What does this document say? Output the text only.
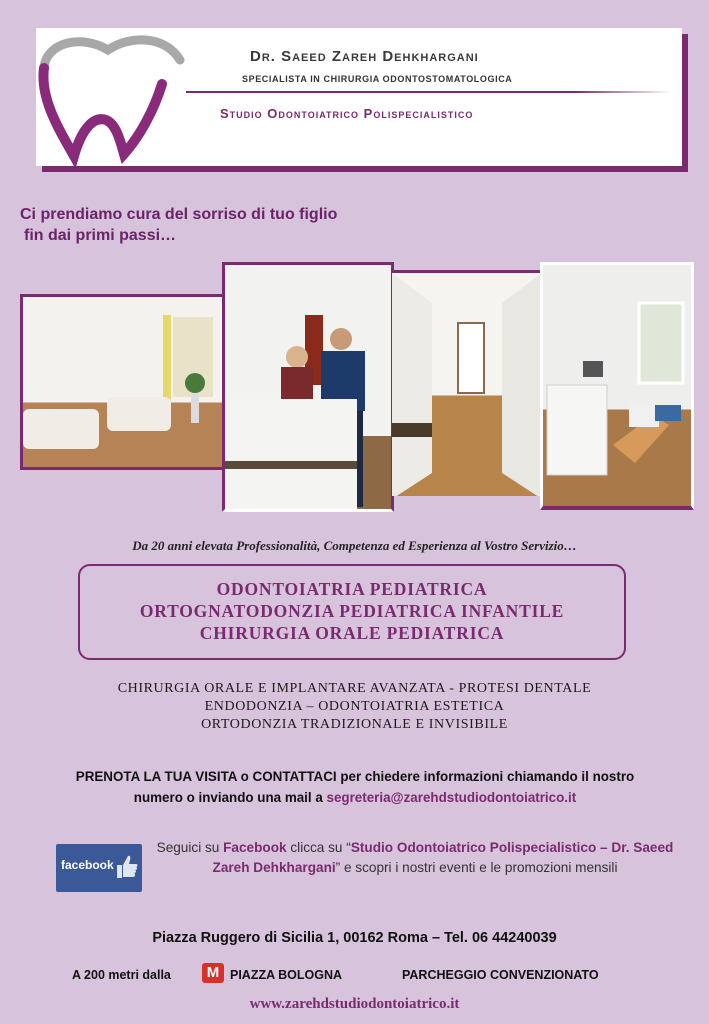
Dr. Saeed Zareh Dehkhargani
SPECIALISTA IN CHIRURGIA ODONTOSTOMATOLOGICA
Studio Odontoiatrico Polispecialistico
Ci prendiamo cura del sorriso di tuo figlio
fin dai primi passi…
Da 20 anni elevata Professionalità, Competenza ed Esperienza al Vostro Servizio…
ODONTOIATRIA PEDIATRICA
ORTOGNATODONZIA PEDIATRICA INFANTILE
CHIRURGIA ORALE PEDIATRICA
CHIRURGIA ORALE E IMPLANTARE AVANZATA - PROTESI DENTALE
ENDODONZIA – ODONTOIATRIA ESTETICA
ORTODONZIA TRADIZIONALE E INVISIBILE
PRENOTA LA TUA VISITA o CONTATTACI per chiedere informazioni chiamando il nostro
numero o inviando una mail a segreteria@zarehdstudiodontoiatrico.it
facebook
Seguici su Facebook clicca su “Studio Odontoiatrico Polispecialistico – Dr. Saeed Zareh Dehkhargani” e scopri i nostri eventi e le promozioni mensili
Piazza Ruggero di Sicilia 1, 00162 Roma – Tel. 06 44240039
A 200 metri dalla	M PIAZZA BOLOGNA	PARCHEGGIO CONVENZIONATO
www.zarehdstudiodontoiatrico.it
